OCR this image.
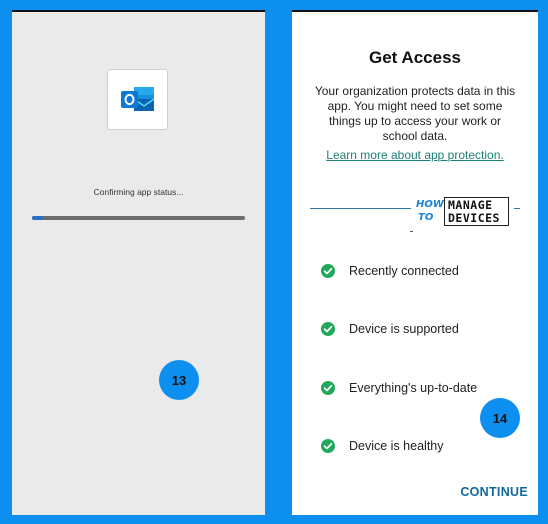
Confirming app status...
13
Get Access
Your organization protects data in this app. You might need to set some things up to access your work or school data.
Learn more about app protection.
HOW
TO
MANAGE
DEVICES
Recently connected
Device is supported
Everything's up-to-date
Device is healthy
14
CONTINUE
